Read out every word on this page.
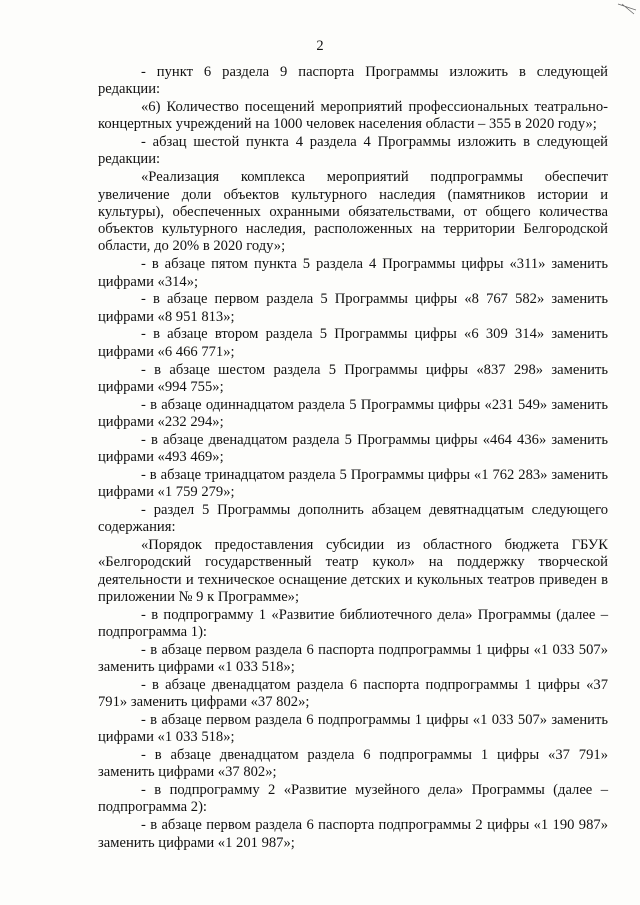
2

- пункт 6 раздела 9 паспорта Программы изложить в следующей редакции:

«6) Количество посещений мероприятий профессиональных театрально-концертных учреждений на 1000 человек населения области – 355 в 2020 году»;

- абзац шестой пункта 4 раздела 4 Программы изложить в следующей редакции:

«Реализация комплекса мероприятий подпрограммы обеспечит увеличение доли объектов культурного наследия (памятников истории и культуры), обеспеченных охранными обязательствами, от общего количества объектов культурного наследия, расположенных на территории Белгородской области, до 20% в 2020 году»;

- в абзаце пятом пункта 5 раздела 4 Программы цифры «311» заменить цифрами «314»;

- в абзаце первом раздела 5 Программы цифры «8 767 582» заменить цифрами «8 951 813»;

- в абзаце втором раздела 5 Программы цифры «6 309 314» заменить цифрами «6 466 771»;

- в абзаце шестом раздела 5 Программы цифры «837 298» заменить цифрами «994 755»;

- в абзаце одиннадцатом раздела 5 Программы цифры «231 549» заменить цифрами «232 294»;

- в абзаце двенадцатом раздела 5 Программы цифры «464 436» заменить цифрами «493 469»;

- в абзаце тринадцатом раздела 5 Программы цифры «1 762 283» заменить цифрами «1 759 279»;

- раздел 5 Программы дополнить абзацем девятнадцатым следующего содержания:

«Порядок предоставления субсидии из областного бюджета ГБУК «Белгородский государственный театр кукол» на поддержку творческой деятельности и техническое оснащение детских и кукольных театров приведен в приложении № 9 к Программе»;

- в подпрограмму 1 «Развитие библиотечного дела» Программы (далее – подпрограмма 1):

- в абзаце первом раздела 6 паспорта подпрограммы 1 цифры «1 033 507» заменить цифрами «1 033 518»;

- в абзаце двенадцатом раздела 6 паспорта подпрограммы 1 цифры «37 791» заменить цифрами «37 802»;

- в абзаце первом раздела 6 подпрограммы 1 цифры «1 033 507» заменить цифрами «1 033 518»;

- в абзаце двенадцатом раздела 6 подпрограммы 1 цифры «37 791» заменить цифрами «37 802»;

- в подпрограмму 2 «Развитие музейного дела» Программы (далее – подпрограмма 2):

- в абзаце первом раздела 6 паспорта подпрограммы 2 цифры «1 190 987» заменить цифрами «1 201 987»;
